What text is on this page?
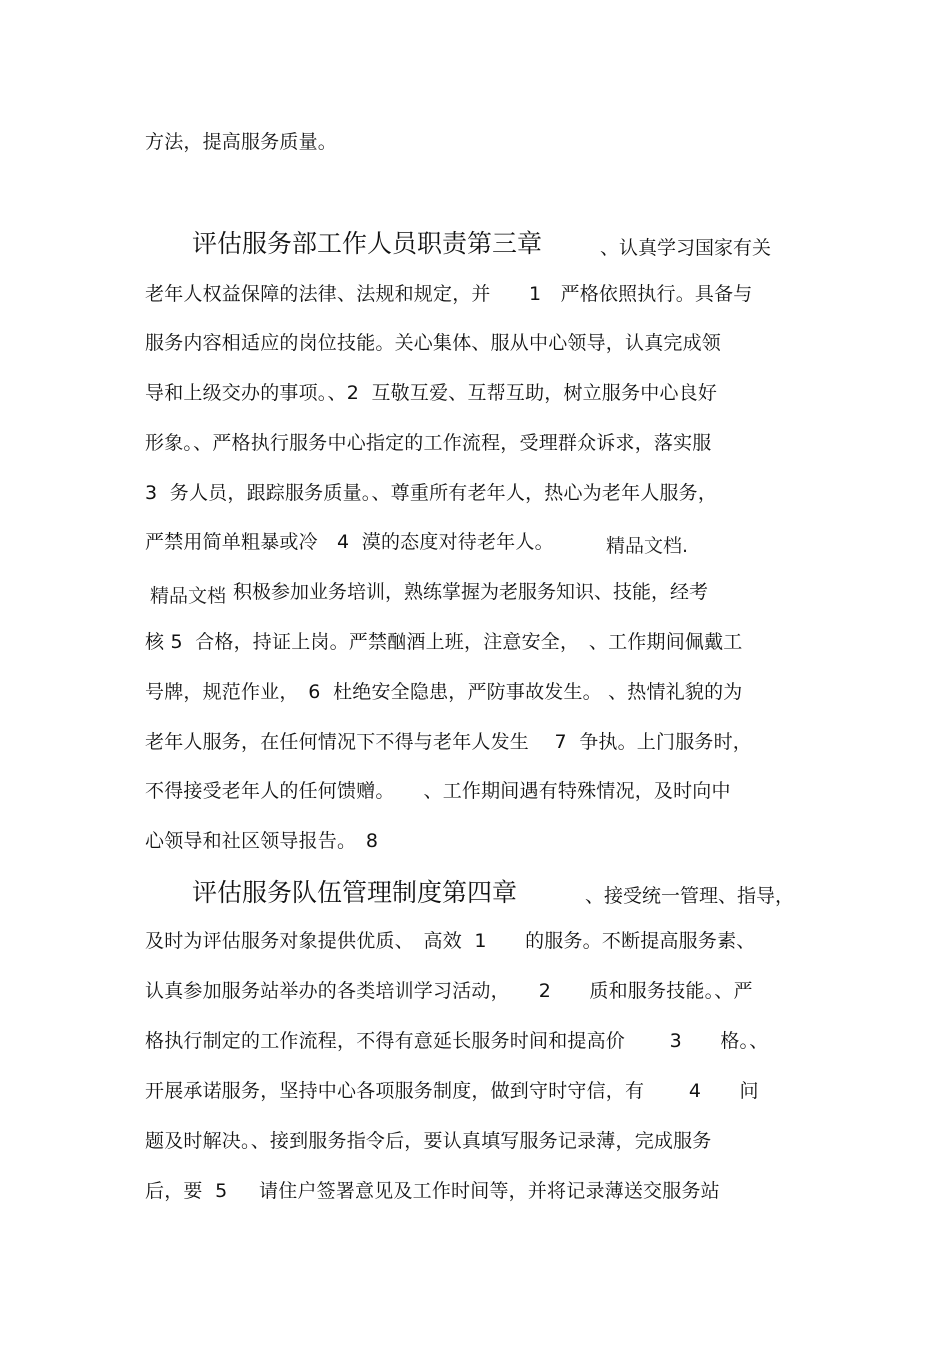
方法，提高服务质量。
评估服务部工作人员职责第三章	、认真学习国家有关
老年人权益保障的法律、法规和规定，并　　1　严格依照执行。具备与
服务内容相适应的岗位技能。关心集体、服从中心领导，认真完成领
导和上级交办的事项。、2  互敬互爱、互帮互助，树立服务中心良好
形象。、严格执行服务中心指定的工作流程，受理群众诉求，落实服
3  务人员，跟踪服务质量。、尊重所有老年人，热心为老年人服务，
严禁用简单粗暴或冷　4  漠的态度对待老年人。	精品文档.
精品文档
、积极参加业务培训，熟练掌握为老服务知识、技能，经考
核 5  合格，持证上岗。严禁酗酒上班，注意安全，　、工作期间佩戴工
号牌，规范作业，　6  杜绝安全隐患，严防事故发生。 、热情礼貌的为
老年人服务，在任何情况下不得与老年人发生　 7  争执。上门服务时，
不得接受老年人的任何馈赠。　　、工作期间遇有特殊情况，及时向中
心领导和社区领导报告。　8
评估服务队伍管理制度第四章	、接受统一管理、指导，
及时为评估服务对象提供优质、　高效  1　　的服务。不断提高服务素、
认真参加服务站举办的各类培训学习活动，　　2　　质和服务技能。、严
格执行制定的工作流程，不得有意延长服务时间和提高价　　 3　　格。、
开展承诺服务，坚持中心各项服务制度，做到守时守信，有　　 4　　问
题及时解决。、接到服务指令后，要认真填写服务记录薄，完成服务
后，要  5　  请住户签署意见及工作时间等，并将记录薄送交服务站
